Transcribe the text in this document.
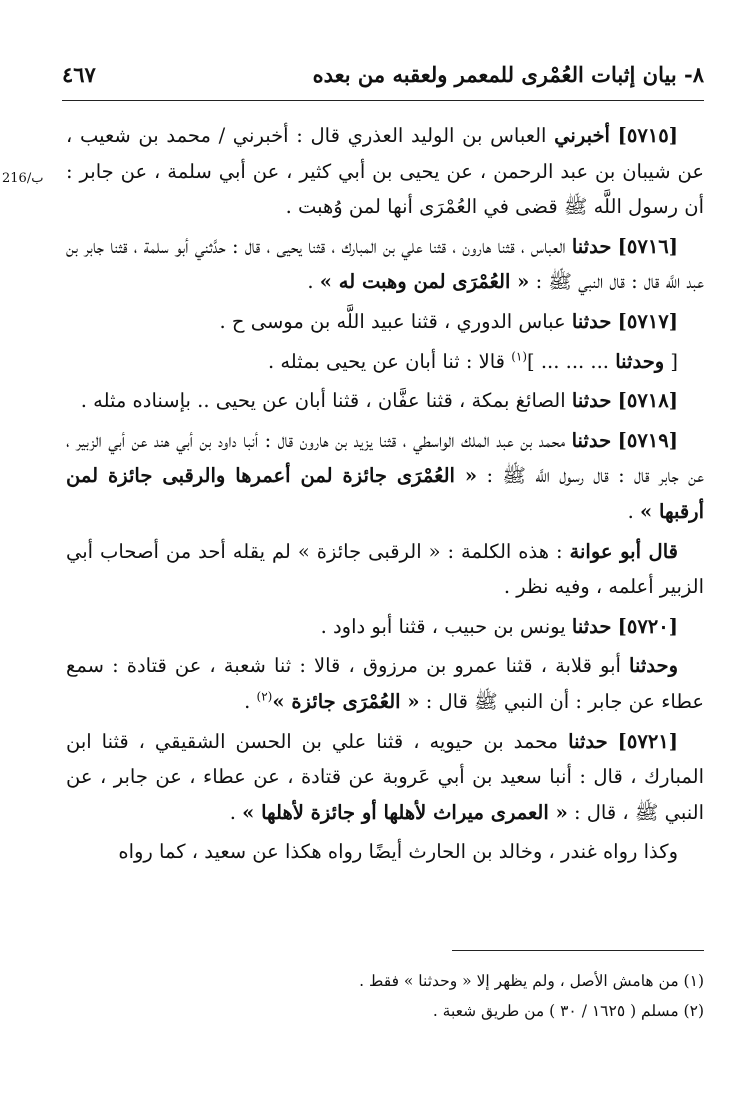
٨- بيان إثبات العُمْرى للمعمر ولعقبه من بعده
٤٦٧
216/ب

[٥٧١٥] أخبرني العباس بن الوليد العذري قال : أخبرني / محمد بن شعيب ، عن شيبان بن عبد الرحمن ، عن يحيى بن أبي كثير ، عن أبي سلمة ، عن جابر : أن رسول اللَّه ﷺ قضى في العُمْرَى أنها لمن وُهبت .

[٥٧١٦] حدثنا العباس ، قثنا هارون ، قثنا علي بن المبارك ، قثنا يحيى ، قال : حدَّثني أبو سلمة ، قثنا جابر بن عبد اللَّه قال : قال النبي ﷺ : « العُمْرَى لمن وهبت له » .

[٥٧١٧] حدثنا عباس الدوري ، قثنا عبيد اللَّه بن موسى ح .

[ وحدثنا ... ... ... ]$^{(١)}$ قالا : ثنا أبان عن يحيى بمثله .

[٥٧١٨] حدثنا الصائغ بمكة ، قثنا عفَّان ، قثنا أبان عن يحيى .. بإسناده مثله .

[٥٧١٩] حدثنا محمد بن عبد الملك الواسطي ، قثنا يزيد بن هارون قال : أنبا داود بن أبي هند عن أبي الزبير ، عن جابر قال : قال رسول اللَّه ﷺ : « العُمْرَى جائزة لمن أعمرها والرقبى جائزة لمن أرقبها » .

قال أبو عوانة : هذه الكلمة : « الرقبى جائزة » لم يقله أحد من أصحاب أبي الزبير أعلمه ، وفيه نظر .

[٥٧٢٠] حدثنا يونس بن حبيب ، قثنا أبو داود .

وحدثنا أبو قلابة ، قثنا عمرو بن مرزوق ، قالا : ثنا شعبة ، عن قتادة : سمع عطاء عن جابر : أن النبي ﷺ قال : « العُمْرَى جائزة »$^{(٢)}$ .

[٥٧٢١] حدثنا محمد بن حيويه ، قثنا علي بن الحسن الشقيقي ، قثنا ابن المبارك ، قال : أنبا سعيد بن أبي عَروبة عن قتادة ، عن عطاء ، عن جابر ، عن النبي ﷺ ، قال : « العمرى ميراث لأهلها أو جائزة لأهلها » .

وكذا رواه غندر ، وخالد بن الحارث أيضًا رواه هكذا عن سعيد ، كما رواه

(١) من هامش الأصل ، ولم يظهر إلا « وحدثنا » فقط .

(٢) مسلم ( ١٦٢٥ / ٣٠ ) من طريق شعبة .
